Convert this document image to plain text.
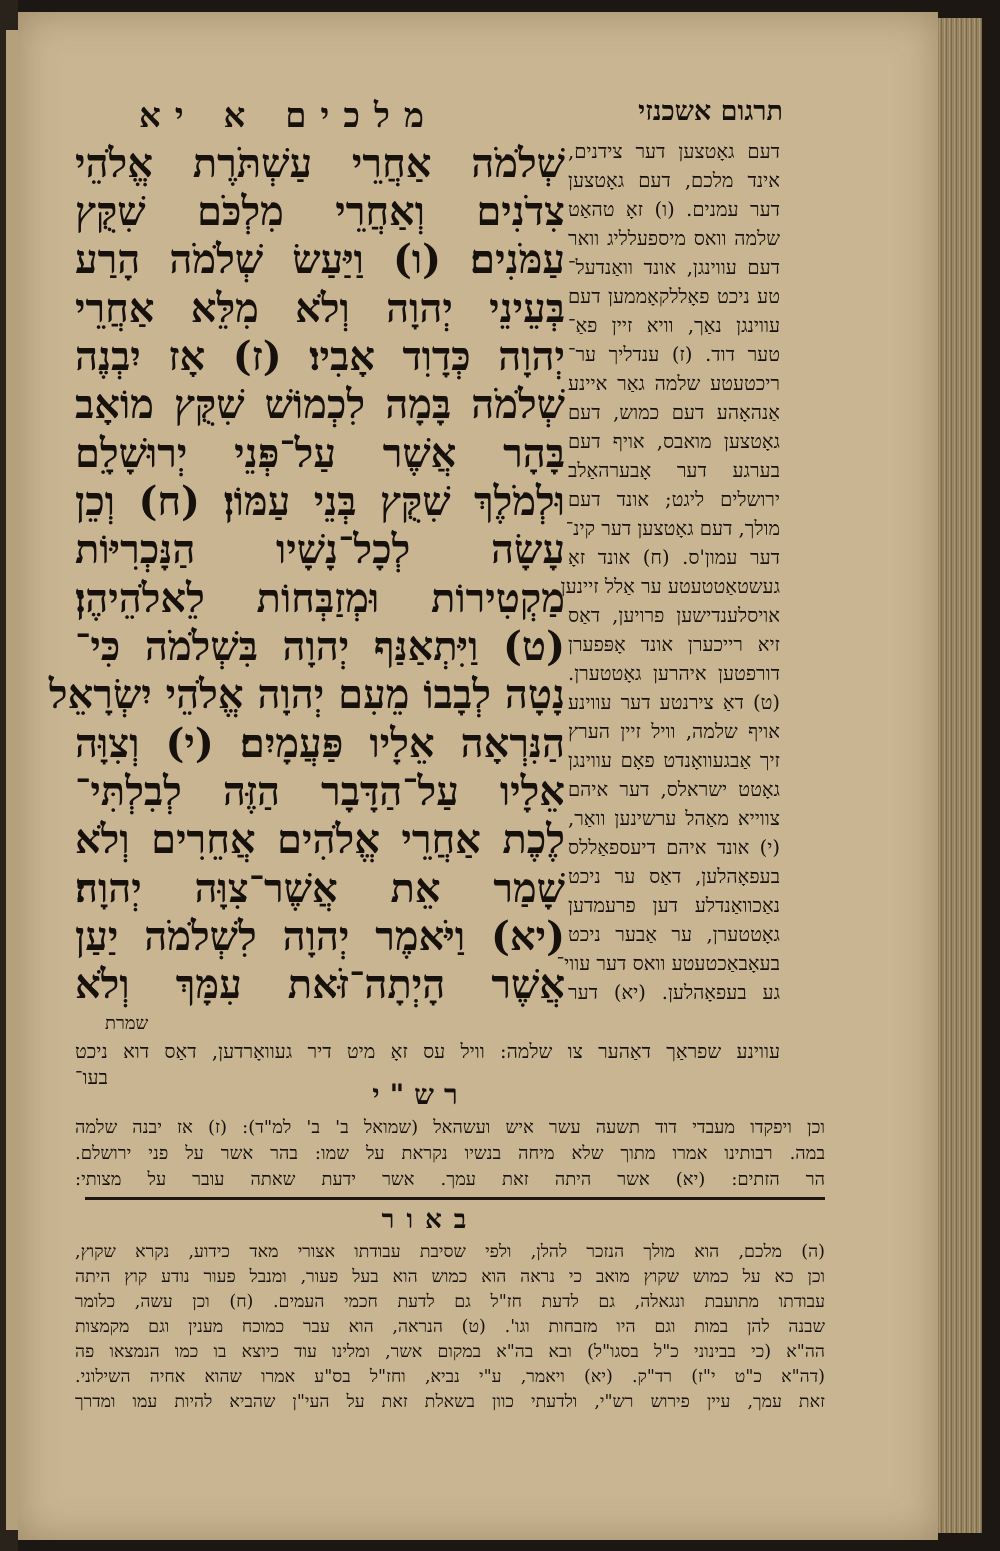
מלכים א יא	תרגום אשכנזי
שְׁלֹמֹה אַחֲרֵי עַשְׁתֹּרֶת אֱלֹהֵי
צִדֹנִים וְאַחֲרֵי מִלְכֹּם שִׁקֻּץ
עַמֹּנִים׃ (ו) וַיַּעַשׂ שְׁלֹמֹה הָרַע
בְּעֵינֵי יְהוָה וְלֹא מִלֵּא אַחֲרֵי
יְהוָה כְּדָוִד אָבִיו׃ (ז) אָז יִבְנֶה
שְׁלֹמֹה בָּמָה לִכְמוֹשׁ שִׁקֻּץ מוֹאָב
בָּהָר אֲשֶׁר עַל־פְּנֵי יְרוּשָׁלָ͏ִם
וּלְמֹלֶךְ שִׁקֻּץ בְּנֵי עַמּוֹן׃ (ח) וְכֵן
עָשָׂה לְכָל־נָשָׁיו הַנָּכְרִיּוֹת
מַקְטִירוֹת וּמְזַבְּחוֹת לֵאלֹהֵיהֶן׃
(ט) וַיִּתְאַנַּף יְהוָה בִּשְׁלֹמֹה כִּי־
נָטָה לְבָבוֹ מֵעִם יְהוָה אֱלֹהֵי יִשְׂרָאֵל
הַנִּרְאָה אֵלָיו פַּעֲמָיִם׃ (י) וְצִוָּה
אֵלָיו עַל־הַדָּבָר הַזֶּה לְבִלְתִּי־
לֶכֶת אַחֲרֵי אֱלֹהִים אֲחֵרִים וְלֹא
שָׁמַר אֵת אֲשֶׁר־צִוָּה יְהוָה׃
(יא) וַיֹּאמֶר יְהוָה לִשְׁלֹמֹה יַעַן
אֲשֶׁר הָיְתָה־זֹּאת עִמָּךְ וְלֹא
דעם גאָטצען דער צידנים,
אינד מלכם, דעם גאָטצען
דער עמנים. (ו) זאָ טהאַט
שלמה וואס מיספעלליג וואר
דעם עווינגן, אונד וואַנדעל־
טע ניכט פאָללקאָממען דעם
עווינגן נאַך, וויא זיין פאַ־
טער דוד. (ז) ענדליך ער־
ריכטעטע שלמה גאַר איינע
אַנהאָהע דעם כמוש, דעם
גאָטצען מואבס, אויף דעם
בערגע דער אָבערהאַלב
ירושלים ליגט; אונד דעם
מולך, דעם גאָטצען דער קינ־
דער עמון'ס. (ח) אונד זאָ
געשטאַטטעטע ער אַלל זיינען
אויסלענדישען פרויען, דאַס
זיא רייכערן אונד אָפּפערן
דורפטען איהרען גאָטטערן.
(ט) דאַ צירנטע דער עווינע
אויף שלמה, וויל זיין הערץ
זיך אַבגעוואָנדט פאָם עווינגן
גאָטט ישראלס, דער איהם
צווייא מאַהל ערשינען וואַר,
(י) אונד איהם דיעספאַללס
בעפאָהלען, דאַס ער ניכט
נאַכוואַנדלע דען פרעמדען
גאָטטערן, ער אַבער ניכט
בעאָבאַכטעטע וואס דער עווי־
גע בעפאָהלען. (יא) דער
שמרת
עווינע שפראַך דאַהער צו שלמה: וויל עס זאָ מיט דיר געוואָרדען, דאַס דוא ניכט
בעו־
רש"י
וכן ויפקדו מעבדי דוד תשעה עשר איש ועשהאל (שמואל ב' ב' למ"ד): (ז) אז יבנה שלמה
במה. רבותינו אמרו מתוך שלא מיחה בנשיו נקראת על שמו: בהר אשר על פני ירושלם.
הר הזתים: (יא) אשר היתה זאת עמך. אשר ידעת שאתה עובר על מצותי:
באור
(ה) מלכם, הוא מולך הנזכר להלן, ולפי שסיבת עבודתו אצורי מאד כידוע, נקרא שקוץ,
וכן כא על כמוש שקוץ מואב כי נראה הוא כמוש הוא בעל פעור, ומנבל פעור נודע קוץ היתה
עבודתו מתועבת ונגאלה, גם לדעת חז"ל גם לדעת חכמי העמים. (ח) וכן עשה, כלומר
שבנה להן במות וגם היו מזבחות וגו'. (ט) הנראה, הוא עבר כמוכח מענין וגם מקמצות
הה"א (כי בבינוני כ"ל בסגו"ל) ובא בה"א במקום אשר, ומלינו עוד כיוצא בו כמו הנמצאו פה
(דה"א כ"ט י"ז) רד"ק. (יא) ויאמר, ע"י נביא, וחז"ל בס"ע אמרו שהוא אחיה השילוני.
זאת עמך, עיין פירוש רש"י, ולדעתי כוון בשאלת זאת על העי"ן שהביא להיות עמו ומדרך
